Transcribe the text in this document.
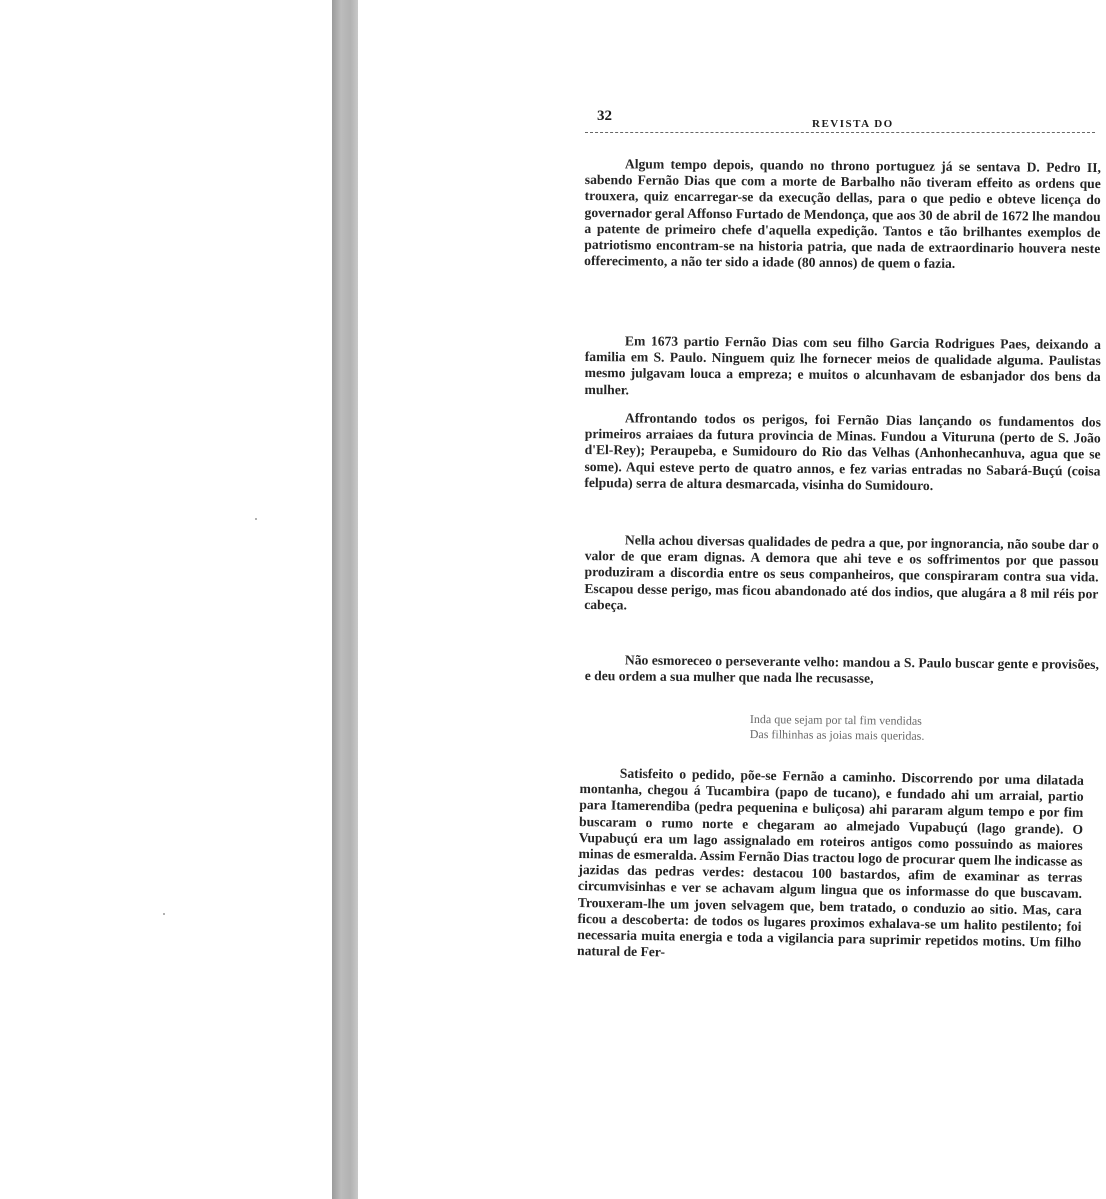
32	REVISTA DO

Algum tempo depois, quando no throno portuguez já se sentava D. Pedro II, sabendo Fernão Dias que com a morte de Barbalho não tiveram effeito as ordens que trouxera, quiz encarregar-se da execução dellas, para o que pedio e obteve licença do governador geral Affonso Furtado de Mendonça, que aos 30 de abril de 1672 lhe mandou a patente de primeiro chefe d'aquella expedição. Tantos e tão brilhantes exemplos de patriotismo encontram-se na historia patria, que nada de extraordinario houvera neste offerecimento, a não ter sido a idade (80 annos) de quem o fazia.

Em 1673 partio Fernão Dias com seu filho Garcia Rodrigues Paes, deixando a familia em S. Paulo. Ninguem quiz lhe fornecer meios de qualidade alguma. Paulistas mesmo julgavam louca a empreza; e muitos o alcunhavam de esbanjador dos bens da mulher.

Affrontando todos os perigos, foi Fernão Dias lançando os fundamentos dos primeiros arraiaes da futura provincia de Minas. Fundou a Vituruna (perto de S. João d'El-Rey); Peraupeba, e Sumidouro do Rio das Velhas (Anhonhecanhuva, agua que se some). Aqui esteve perto de quatro annos, e fez varias entradas no Sabará-Buçú (coisa felpuda) serra de altura desmarcada, visinha do Sumidouro.

Nella achou diversas qualidades de pedra a que, por ingnorancia, não soube dar o valor de que eram dignas. A demora que ahi teve e os soffrimentos por que passou produziram a discordia entre os seus companheiros, que conspiraram contra sua vida. Escapou desse perigo, mas ficou abandonado até dos indios, que alugára a 8 mil réis por cabeça.

Não esmoreceo o perseverante velho: mandou a S. Paulo buscar gente e provisões, e deu ordem a sua mulher que nada lhe recusasse,

Inda que sejam por tal fim vendidas
Das filhinhas as joias mais queridas.

Satisfeito o pedido, põe-se Fernão a caminho. Discorrendo por uma dilatada montanha, chegou á Tucambira (papo de tucano), e fundado ahi um arraial, partio para Itamerendiba (pedra pequenina e buliçosa) ahi pararam algum tempo e por fim buscaram o rumo norte e chegaram ao almejado Vupabuçú (lago grande). O Vupabuçú era um lago assignalado em roteiros antigos como possuindo as maiores minas de esmeralda. Assim Fernão Dias tractou logo de procurar quem lhe indicasse as jazidas das pedras verdes: destacou 100 bastardos, afim de examinar as terras circumvisinhas e ver se achavam algum lingua que os informasse do que buscavam. Trouxeram-lhe um joven selvagem que, bem tratado, o conduzio ao sitio. Mas, cara ficou a descoberta: de todos os lugares proximos exhalava-se um halito pestilento; foi necessaria muita energia e toda a vigilancia para suprimir repetidos motins. Um filho natural de Fer-
